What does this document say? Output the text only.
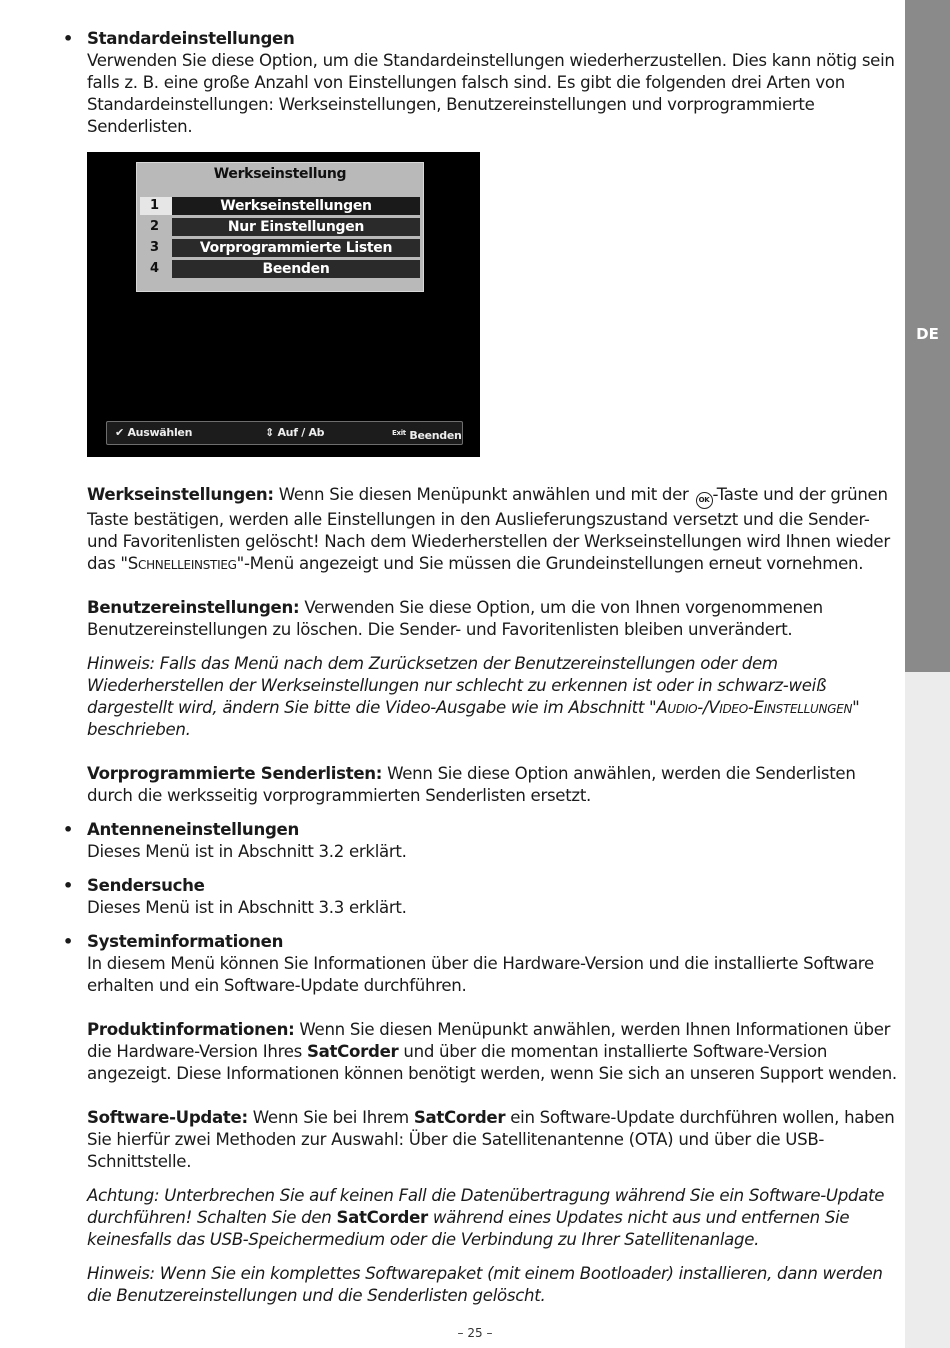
DE
• Standardeinstellungen

Verwenden Sie diese Option, um die Standardeinstellungen wiederherzustellen. Dies kann nötig sein falls z. B. eine große Anzahl von Einstellungen falsch sind. Es gibt die folgenden drei Arten von Standardeinstellungen: Werkseinstellungen, Benutzereinstellungen und vorprogrammierte Senderlisten.

Werkseinstellung
1	Werkseinstellungen
2	Nur Einstellungen
3	Vorprogrammierte Listen
4	Beenden
✔ Auswählen	⇕ Auf / Ab	$^{Exit}$ Beenden

Werkseinstellungen: Wenn Sie diesen Menüpunkt anwählen und mit der OK -Taste und der grünen Taste bestätigen, werden alle Einstellungen in den Auslieferungszustand versetzt und die Sender- und Favoritenlisten gelöscht! Nach dem Wiederherstellen der Werkseinstellungen wird Ihnen wieder das "Schnelleinstieg"-Menü angezeigt und Sie müssen die Grundeinstellungen erneut vornehmen.

Benutzereinstellungen: Verwenden Sie diese Option, um die von Ihnen vorgenommenen Benutzereinstellungen zu löschen. Die Sender- und Favoritenlisten bleiben unverändert.

Hinweis: Falls das Menü nach dem Zurücksetzen der Benutzereinstellungen oder dem Wiederherstellen der Werkseinstellungen nur schlecht zu erkennen ist oder in schwarz-weiß dargestellt wird, ändern Sie bitte die Video-Ausgabe wie im Abschnitt "Audio-/Video-Einstellungen" beschrieben.

Vorprogrammierte Senderlisten: Wenn Sie diese Option anwählen, werden die Senderlisten durch die werksseitig vorprogrammierten Senderlisten ersetzt.

• Antenneneinstellungen

Dieses Menü ist in Abschnitt 3.2 erklärt.

• Sendersuche

Dieses Menü ist in Abschnitt 3.3 erklärt.

• Systeminformationen

In diesem Menü können Sie Informationen über die Hardware-Version und die installierte Software erhalten und ein Software-Update durchführen.

Produktinformationen: Wenn Sie diesen Menüpunkt anwählen, werden Ihnen Informationen über die Hardware-Version Ihres SatCorder und über die momentan installierte Software-Version angezeigt. Diese Informationen können benötigt werden, wenn Sie sich an unseren Support wenden.

Software-Update: Wenn Sie bei Ihrem SatCorder ein Software-Update durchführen wollen, haben Sie hierfür zwei Methoden zur Auswahl: Über die Satellitenantenne (OTA) und über die USB-Schnittstelle.

Achtung: Unterbrechen Sie auf keinen Fall die Datenübertragung während Sie ein Software-Update durchführen! Schalten Sie den SatCorder während eines Updates nicht aus und entfernen Sie keinesfalls das USB-Speichermedium oder die Verbindung zu Ihrer Satellitenanlage.

Hinweis: Wenn Sie ein komplettes Softwarepaket (mit einem Bootloader) installieren, dann werden die Benutzereinstellungen und die Senderlisten gelöscht.

– 25 –
